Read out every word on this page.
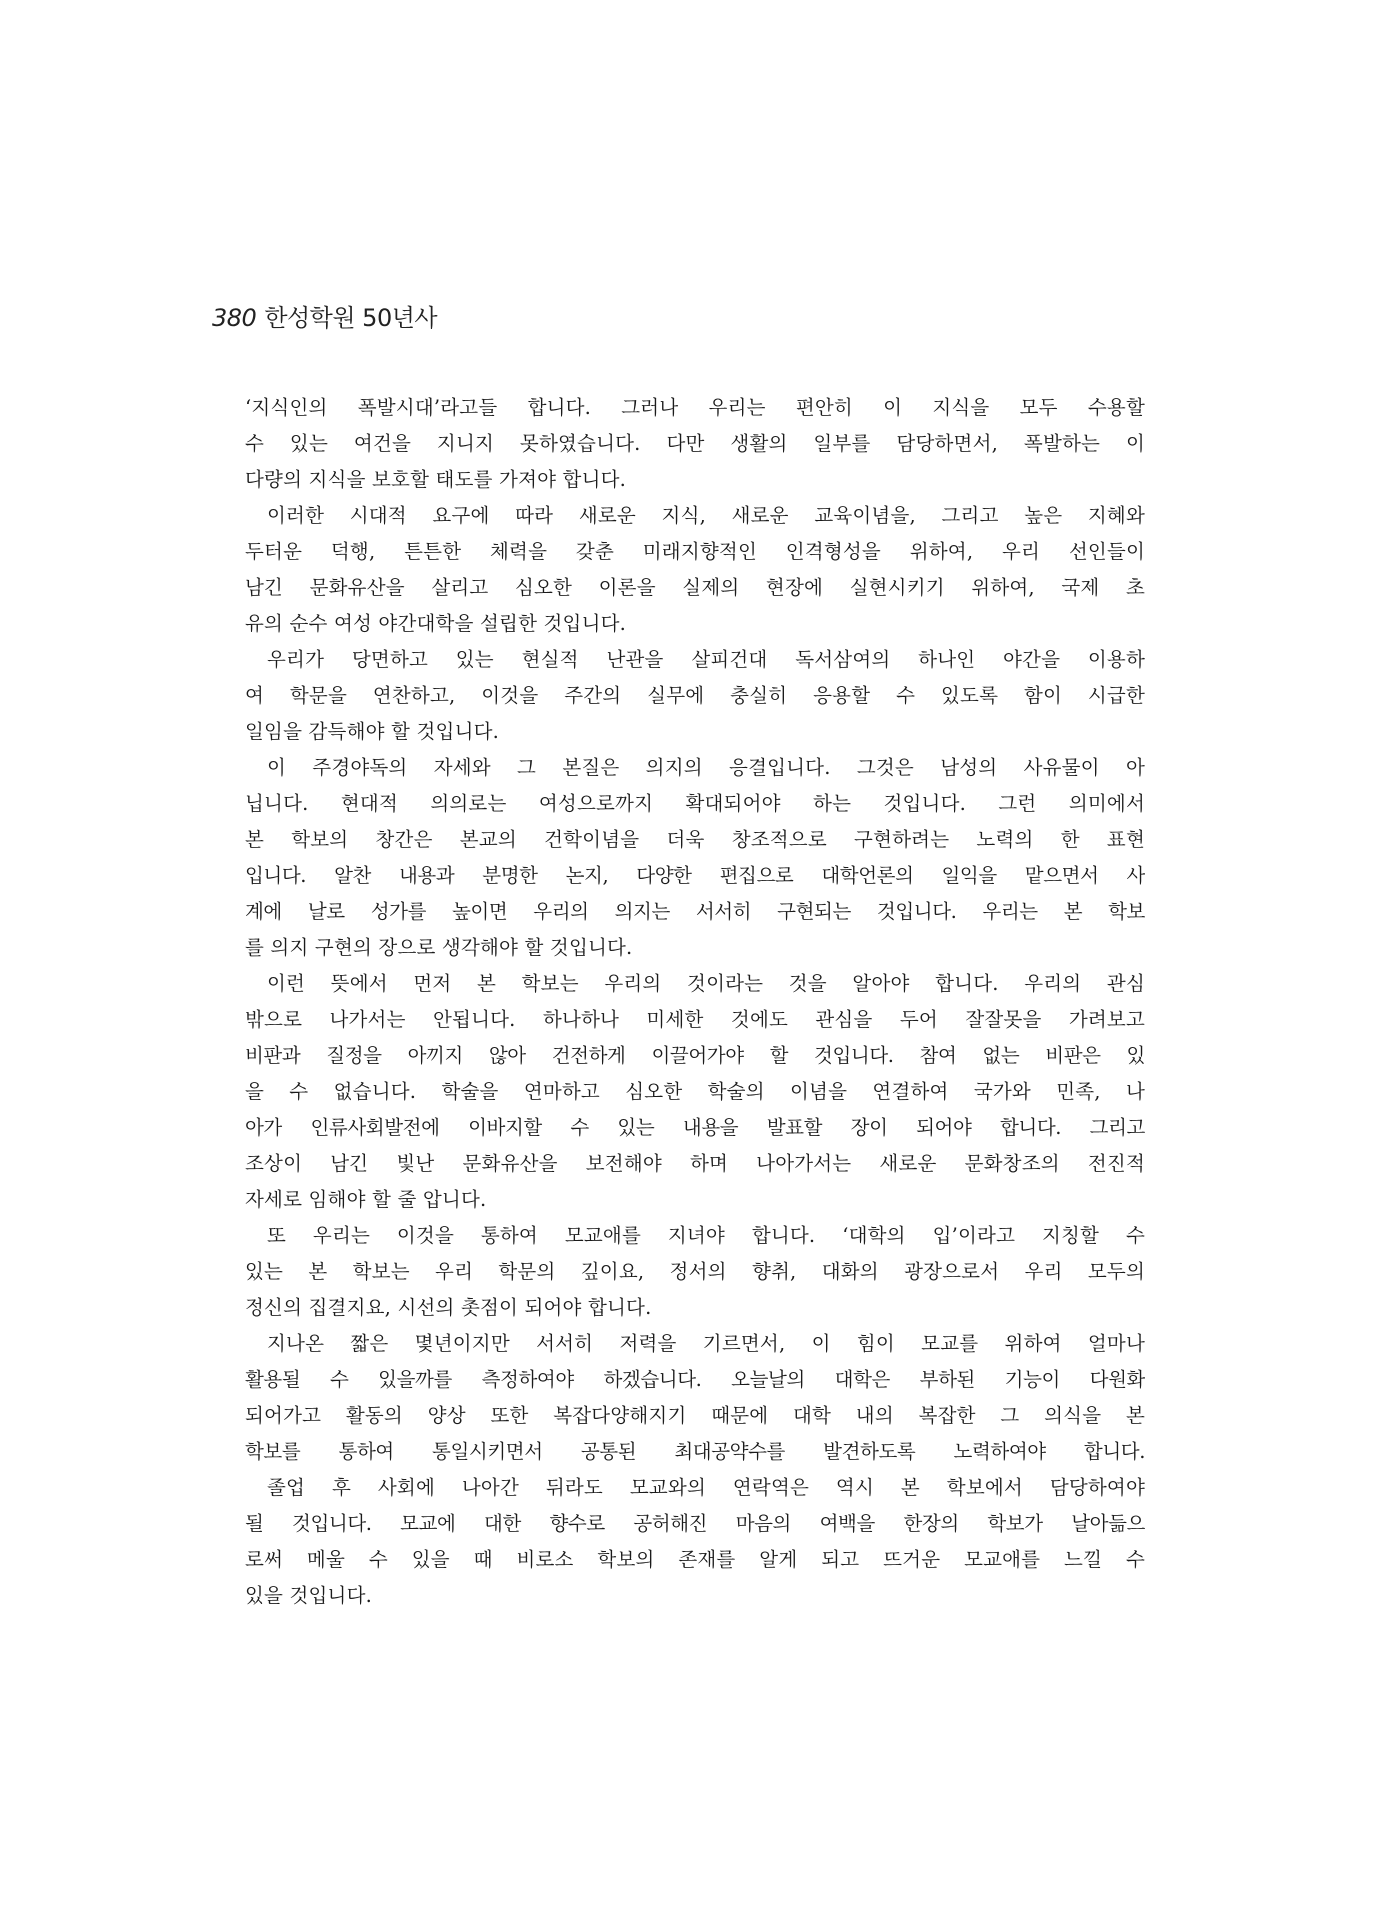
380 한성학원 50년사
‘지식인의 폭발시대’라고들 합니다. 그러나 우리는 편안히 이 지식을 모두 수용할
수 있는 여건을 지니지 못하였습니다. 다만 생활의 일부를 담당하면서, 폭발하는 이
다량의 지식을 보호할 태도를 가져야 합니다.
이러한 시대적 요구에 따라 새로운 지식, 새로운 교육이념을, 그리고 높은 지혜와
두터운 덕행, 튼튼한 체력을 갖춘 미래지향적인 인격형성을 위하여, 우리 선인들이
남긴 문화유산을 살리고 심오한 이론을 실제의 현장에 실현시키기 위하여, 국제 초
유의 순수 여성 야간대학을 설립한 것입니다.
우리가 당면하고 있는 현실적 난관을 살피건대 독서삼여의 하나인 야간을 이용하
여 학문을 연찬하고, 이것을 주간의 실무에 충실히 응용할 수 있도록 함이 시급한
일임을 감득해야 할 것입니다.
이 주경야독의 자세와 그 본질은 의지의 응결입니다. 그것은 남성의 사유물이 아
닙니다. 현대적 의의로는 여성으로까지 확대되어야 하는 것입니다. 그런 의미에서
본 학보의 창간은 본교의 건학이념을 더욱 창조적으로 구현하려는 노력의 한 표현
입니다. 알찬 내용과 분명한 논지, 다양한 편집으로 대학언론의 일익을 맡으면서 사
계에 날로 성가를 높이면 우리의 의지는 서서히 구현되는 것입니다. 우리는 본 학보
를 의지 구현의 장으로 생각해야 할 것입니다.
이런 뜻에서 먼저 본 학보는 우리의 것이라는 것을 알아야 합니다. 우리의 관심
밖으로 나가서는 안됩니다. 하나하나 미세한 것에도 관심을 두어 잘잘못을 가려보고
비판과 질정을 아끼지 않아 건전하게 이끌어가야 할 것입니다. 참여 없는 비판은 있
을 수 없습니다. 학술을 연마하고 심오한 학술의 이념을 연결하여 국가와 민족, 나
아가 인류사회발전에 이바지할 수 있는 내용을 발표할 장이 되어야 합니다. 그리고
조상이 남긴 빛난 문화유산을 보전해야 하며 나아가서는 새로운 문화창조의 전진적
자세로 임해야 할 줄 압니다.
또 우리는 이것을 통하여 모교애를 지녀야 합니다. ‘대학의 입’이라고 지칭할 수
있는 본 학보는 우리 학문의 깊이요, 정서의 향취, 대화의 광장으로서 우리 모두의
정신의 집결지요, 시선의 촛점이 되어야 합니다.
지나온 짧은 몇년이지만 서서히 저력을 기르면서, 이 힘이 모교를 위하여 얼마나
활용될 수 있을까를 측정하여야 하겠습니다. 오늘날의 대학은 부하된 기능이 다원화
되어가고 활동의 양상 또한 복잡다양해지기 때문에 대학 내의 복잡한 그 의식을 본
학보를 통하여 통일시키면서 공통된 최대공약수를 발견하도록 노력하여야 합니다.
졸업 후 사회에 나아간 뒤라도 모교와의 연락역은 역시 본 학보에서 담당하여야
될 것입니다. 모교에 대한 향수로 공허해진 마음의 여백을 한장의 학보가 날아듦으
로써 메울 수 있을 때 비로소 학보의 존재를 알게 되고 뜨거운 모교애를 느낄 수
있을 것입니다.
